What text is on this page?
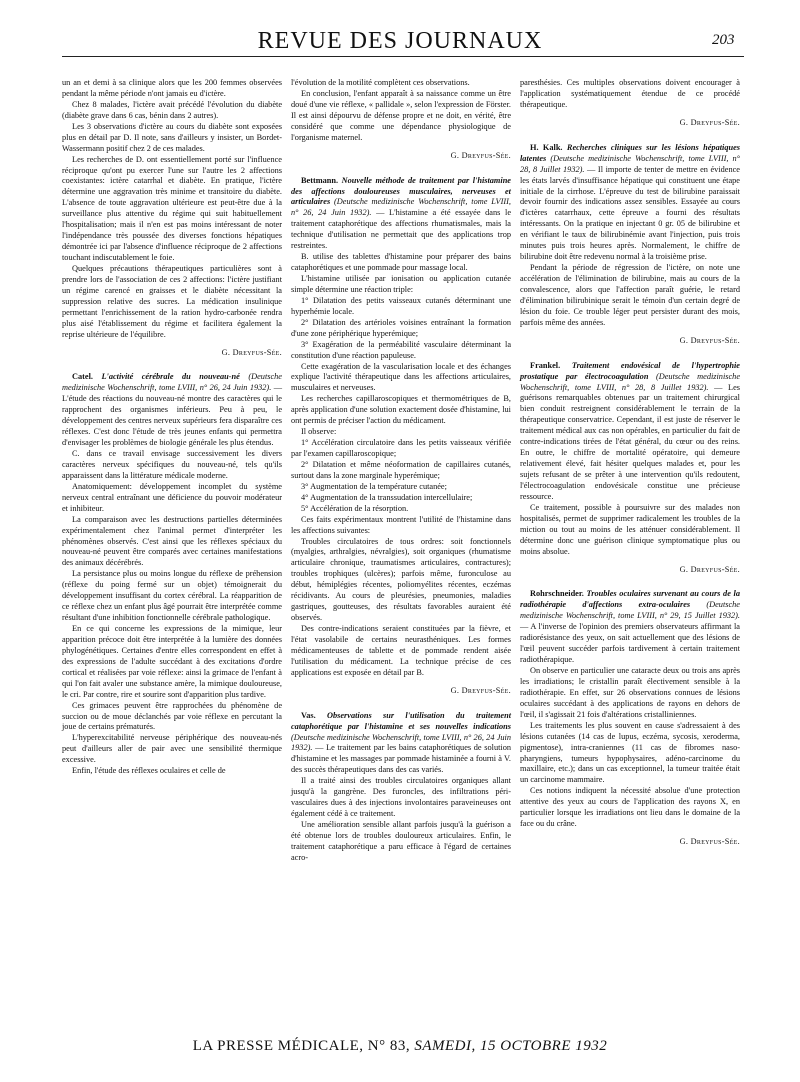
REVUE DES JOURNAUX	203

un an et demi à sa clinique alors que les 200 femmes observées pendant la même période n'ont jamais eu d'ictère.

Chez 8 malades, l'ictère avait précédé l'évolution du diabète (diabète grave dans 6 cas, bénin dans 2 autres).

Les 3 observations d'ictère au cours du diabète sont exposées plus en détail par D. Il note, sans d'ailleurs y insister, un Bordet-Wassermann positif chez 2 de ces malades.

Les recherches de D. ont essentiellement porté sur l'influence réciproque qu'ont pu exercer l'une sur l'autre les 2 affections coexistantes: ictère catarrhal et diabète. En pratique, l'ictère détermine une aggravation très minime et transitoire du diabète. L'absence de toute aggravation ultérieure est peut-être due à la surveillance plus attentive du régime qui suit habituellement l'hospitalisation; mais il n'en est pas moins intéressant de noter l'indépendance très poussée des diverses fonctions hépatiques démontrée ici par l'absence d'influence réciproque de 2 affections touchant indiscutablement le foie.

Quelques précautions thérapeutiques particulières sont à prendre lors de l'association de ces 2 affections: l'ictère justifiant un régime carencé en graisses et le diabète nécessitant la suppression relative des sucres. La médication insulinique permettant l'enrichissement de la ration hydro-carbonée rendra plus aisé l'établissement du régime et facilitera également la reprise ultérieure de l'équilibre.

G. Dreyfus-Sée.

Catel. L'activité cérébrale du nouveau-né (Deutsche medizinische Wochenschrift, tome LVIII, n° 26, 24 Juin 1932). — L'étude des réactions du nouveau-né montre des caractères qui le rapprochent des organismes inférieurs. Peu à peu, le développement des centres nerveux supérieurs fera disparaître ces réflexes. C'est donc l'étude de très jeunes enfants qui permettra d'envisager les problèmes de biologie générale les plus étendus.

C. dans ce travail envisage successivement les divers caractères nerveux spécifiques du nouveau-né, tels qu'ils apparaissent dans la littérature médicale moderne.

Anatomiquement: développement incomplet du système nerveux central entraînant une déficience du pouvoir modérateur et inhibiteur.

La comparaison avec les destructions partielles déterminées expérimentalement chez l'animal permet d'interpréter les phénomènes observés. C'est ainsi que les réflexes spéciaux du nouveau-né peuvent être comparés avec certaines manifestations des animaux décérébrés.

La persistance plus ou moins longue du réflexe de préhension (réflexe du poing fermé sur un objet) témoignerait du développement insuffisant du cortex cérébral. La réapparition de ce réflexe chez un enfant plus âgé pourrait être interprétée comme résultant d'une inhibition fonctionnelle cérébrale pathologique.

En ce qui concerne les expressions de la mimique, leur apparition précoce doit être interprétée à la lumière des données phylogénétiques. Certaines d'entre elles correspondent en effet à des expressions de l'adulte succédant à des excitations d'ordre cortical et réalisées par voie réflexe: ainsi la grimace de l'enfant à qui l'on fait avaler une substance amère, la mimique douloureuse, le cri. Par contre, rire et sourire sont d'apparition plus tardive.

Ces grimaces peuvent être rapprochées du phénomène de succion ou de moue déclanchés par voie réflexe en percutant la joue de certains prématurés.

L'hyperexcitabilité nerveuse périphérique des nouveau-nés peut d'ailleurs aller de pair avec une sensibilité thermique excessive.

Enfin, l'étude des réflexes oculaires et celle de

l'évolution de la motilité complètent ces observations.

En conclusion, l'enfant apparaît à sa naissance comme un être doué d'une vie réflexe, « pallidale », selon l'expression de Förster. Il est ainsi dépourvu de défense propre et ne doit, en vérité, être considéré que comme une dépendance physiologique de l'organisme maternel.

G. Dreyfus-Sée.

Bettmann. Nouvelle méthode de traitement par l'histamine des affections douloureuses musculaires, nerveuses et articulaires (Deutsche medizinische Wochenschrift, tome LVIII, n° 26, 24 Juin 1932). — L'histamine a été essayée dans le traitement cataphorétique des affections rhumatismales, mais la technique d'utilisation ne permettait que des applications trop restreintes.

B. utilise des tablettes d'histamine pour préparer des bains cataphorétiques et une pommade pour massage local.

L'histamine utilisée par ionisation ou application cutanée simple détermine une réaction triple:

1° Dilatation des petits vaisseaux cutanés déterminant une hyperhémie locale.

2° Dilatation des artérioles voisines entraînant la formation d'une zone périphérique hyperémique;

3° Exagération de la perméabilité vasculaire déterminant la constitution d'une réaction papuleuse.

Cette exagération de la vascularisation locale et des échanges explique l'activité thérapeutique dans les affections articulaires, musculaires et nerveuses.

Les recherches capillaroscopiques et thermométriques de B, après application d'une solution exactement dosée d'histamine, lui ont permis de préciser l'action du médicament.

Il observe:

1° Accélération circulatoire dans les petits vaisseaux vérifiée par l'examen capillaroscopique;

2° Dilatation et même néoformation de capillaires cutanés, surtout dans la zone marginale hyperémique;

3° Augmentation de la température cutanée;

4° Augmentation de la transsudation intercellulaire;

5° Accélération de la résorption.

Ces faits expérimentaux montrent l'utilité de l'histamine dans les affections suivantes:

Troubles circulatoires de tous ordres: soit fonctionnels (myalgies, arthralgies, névralgies), soit organiques (rhumatisme articulaire chronique, traumatismes articulaires, contractures); troubles trophiques (ulcères); parfois même, furonculose au début, hémiplégies récentes, poliomyélites récentes, eczémas récidivants. Au cours de pleurésies, pneumonies, maladies gastriques, goutteuses, des résultats favorables auraient été observés.

Des contre-indications seraient constituées par la fièvre, et l'état vasolabile de certains neurasthéniques. Les formes médicamenteuses de tablette et de pommade rendent aisée l'utilisation du médicament. La technique précise de ces applications est exposée en détail par B.

G. Dreyfus-Sée.

Vas. Observations sur l'utilisation du traitement cataphorétique par l'histamine et ses nouvelles indications (Deutsche medizinische Wochenschrift, tome LVIII, n° 26, 24 Juin 1932). — Le traitement par les bains cataphorétiques de solution d'histamine et les massages par pommade histaminée a fourni à V. des succès thérapeutiques dans des cas variés.

Il a traité ainsi des troubles circulatoires organiques allant jusqu'à la gangrène. Des furoncles, des infiltrations péri-vasculaires dues à des injections involontaires paraveineuses ont également cédé à ce traitement.

Une amélioration sensible allant parfois jusqu'à la guérison a été obtenue lors de troubles douloureux articulaires. Enfin, le traitement cataphorétique a paru efficace à l'égard de certaines acro-

paresthésies. Ces multiples observations doivent encourager à l'application systématiquement étendue de ce procédé thérapeutique.

G. Dreyfus-Sée.

H. Kalk. Recherches cliniques sur les lésions hépatiques latentes (Deutsche medizinische Wochenschrift, tome LVIII, n° 28, 8 Juillet 1932). — Il importe de tenter de mettre en évidence les états larvés d'insuffisance hépatique qui constituent une étape initiale de la cirrhose. L'épreuve du test de bilirubine paraissait devoir fournir des indications assez sensibles. Essayée au cours d'ictères catarrhaux, cette épreuve a fourni des résultats intéressants. On la pratique en injectant 0 gr. 05 de bilirubine et en vérifiant le taux de bilirubinémie avant l'injection, puis trois minutes puis trois heures après. Normalement, le chiffre de bilirubine doit être redevenu normal à la troisième prise.

Pendant la période de régression de l'ictère, on note une accélération de l'élimination de bilirubine, mais au cours de la convalescence, alors que l'affection paraît guérie, le retard d'élimination bilirubinique serait le témoin d'un certain degré de lésion du foie. Ce trouble léger peut persister durant des mois, parfois même des années.

G. Dreyfus-Sée.

Frankel. Traitement endovésical de l'hypertrophie prostatique par électrocoagulation (Deutsche medizinische Wochenschrift, tome LVIII, n° 28, 8 Juillet 1932). — Les guérisons remarquables obtenues par un traitement chirurgical bien conduit restreignent considérablement le terrain de la thérapeutique conservatrice. Cependant, il est juste de réserver le traitement médical aux cas non opérables, en particulier du fait de contre-indications tirées de l'état général, du cœur ou des reins. En outre, le chiffre de mortalité opératoire, qui demeure relativement élevé, fait hésiter quelques malades et, pour les sujets refusant de se prêter à une intervention qu'ils redoutent, l'électrocoagulation endovésicale constitue une précieuse ressource.

Ce traitement, possible à poursuivre sur des malades non hospitalisés, permet de supprimer radicalement les troubles de la miction ou tout au moins de les atténuer considérablement. Il détermine donc une guérison clinique symptomatique plus ou moins absolue.

G. Dreyfus-Sée.

Rohrschneider. Troubles oculaires survenant au cours de la radiothérapie d'affections extra-oculaires (Deutsche medizinische Wochenschrift, tome LVIII, n° 29, 15 Juillet 1932). — A l'inverse de l'opinion des premiers observateurs affirmant la radiorésistance des yeux, on sait actuellement que des lésions de l'œil peuvent succéder parfois tardivement à certain traitement radiothérapique.

On observe en particulier une cataracte deux ou trois ans après les irradiations; le cristallin paraît électivement sensible à la radiothérapie. En effet, sur 26 observations connues de lésions oculaires succédant à des applications de rayons en dehors de l'œil, il s'agissait 21 fois d'altérations cristalliniennes.

Les traitements les plus souvent en cause s'adressaient à des lésions cutanées (14 cas de lupus, eczéma, sycosis, xeroderma, pigmentose), intra-craniennes (11 cas de fibromes naso-pharyngiens, tumeurs hypophysaires, adéno-carcinome du maxillaire, etc.); dans un cas exceptionnel, la tumeur traitée était un carcinome mammaire.

Ces notions indiquent la nécessité absolue d'une protection attentive des yeux au cours de l'application des rayons X, en particulier lorsque les irradiations ont lieu dans le domaine de la face ou du crâne.

G. Dreyfus-Sée.

LA PRESSE MÉDICALE, N° 83, SAMEDI, 15 OCTOBRE 1932
